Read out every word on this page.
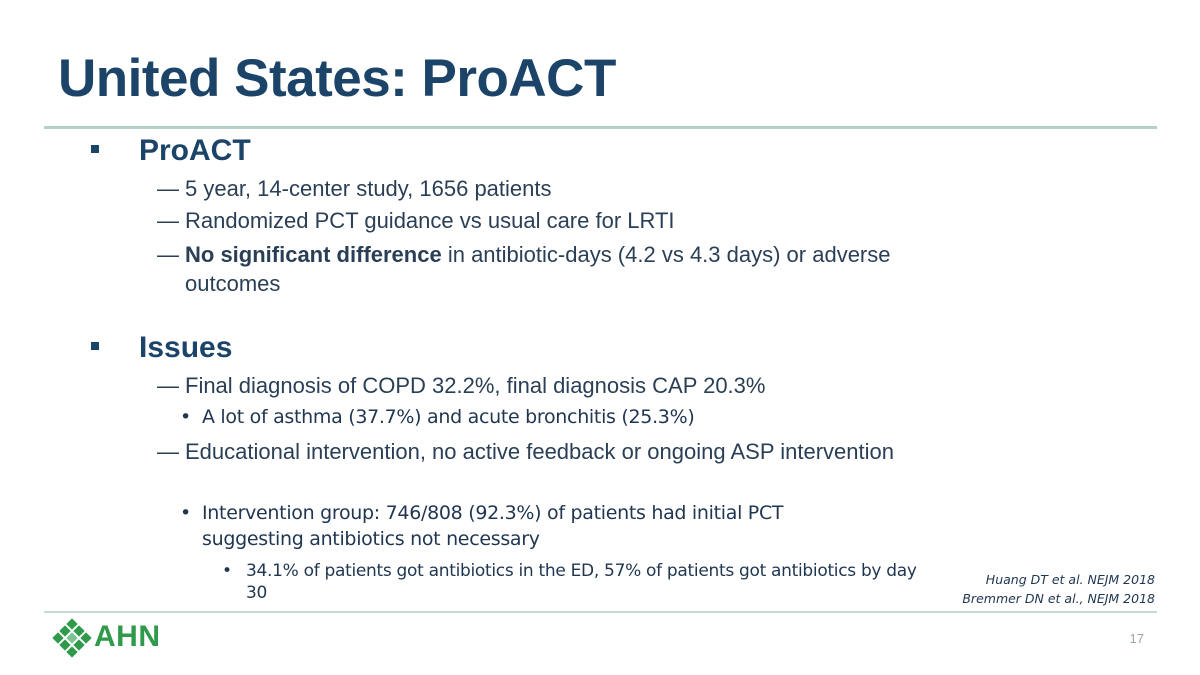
United States: ProACT
ProACT
— 5 year, 14-center study, 1656 patients
— Randomized PCT guidance vs usual care for LRTI
— No significant difference in antibiotic-days (4.2 vs 4.3 days) or adverse outcomes
Issues
— Final diagnosis of COPD 32.2%, final diagnosis CAP 20.3%
• A lot of asthma (37.7%) and acute bronchitis (25.3%)
— Educational intervention, no active feedback or ongoing ASP intervention
• Intervention group: 746/808 (92.3%) of patients had initial PCT suggesting antibiotics not necessary
• 34.1% of patients got antibiotics in the ED, 57% of patients got antibiotics by day 30
Huang DT et al. NEJM 2018
Bremmer DN et al., NEJM 2018
AHN	17
